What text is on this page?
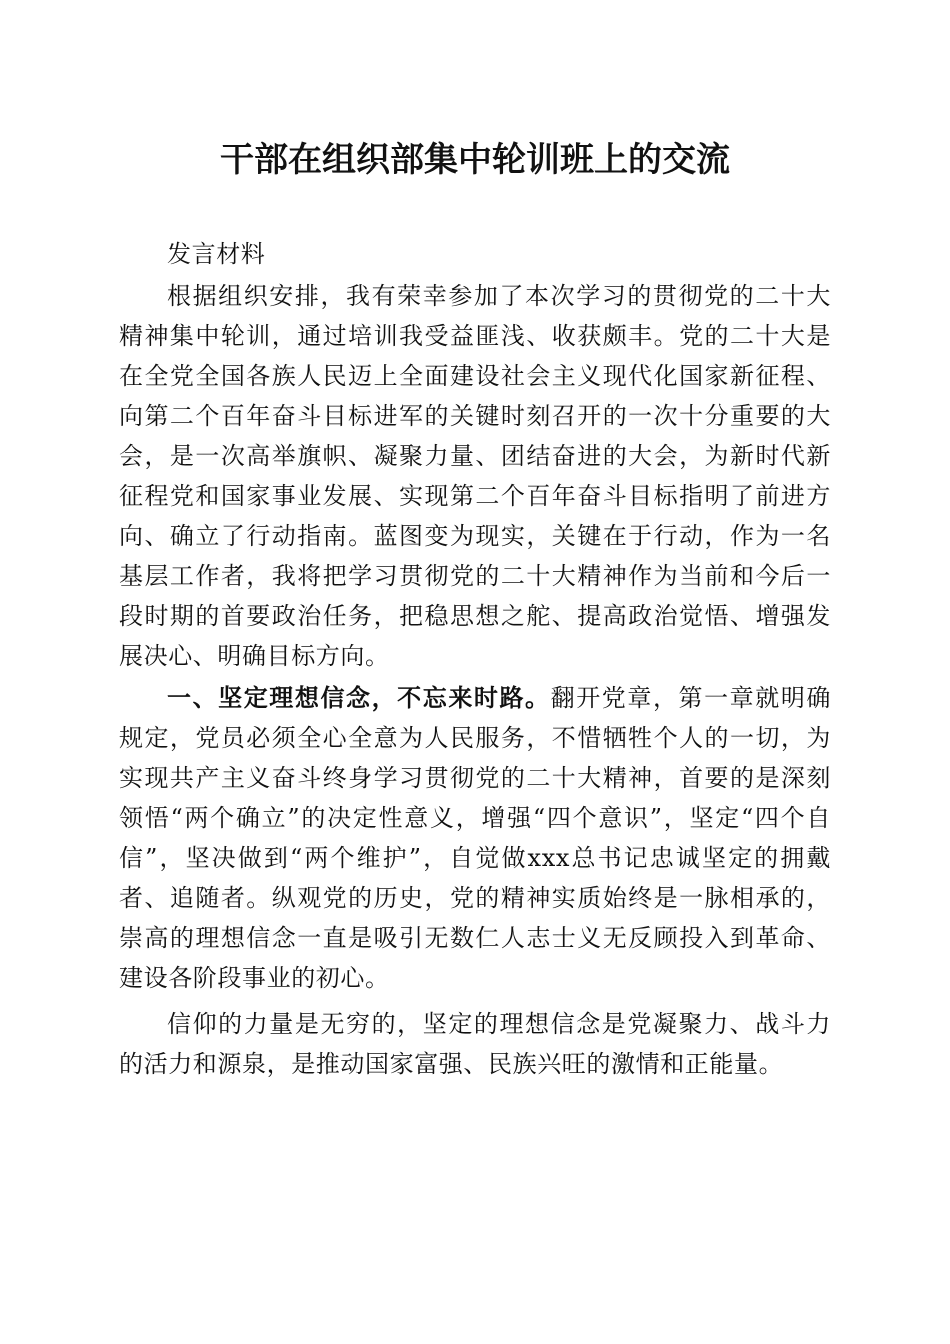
干部在组织部集中轮训班上的交流

发言材料

根据组织安排，我有荣幸参加了本次学习的贯彻党的二十大精神集中轮训，通过培训我受益匪浅、收获颇丰。党的二十大是在全党全国各族人民迈上全面建设社会主义现代化国家新征程、向第二个百年奋斗目标进军的关键时刻召开的一次十分重要的大会，是一次高举旗帜、凝聚力量、团结奋进的大会，为新时代新征程党和国家事业发展、实现第二个百年奋斗目标指明了前进方向、确立了行动指南。蓝图变为现实，关键在于行动，作为一名基层工作者，我将把学习贯彻党的二十大精神作为当前和今后一段时期的首要政治任务，把稳思想之舵、提高政治觉悟、增强发展决心、明确目标方向。

一、坚定理想信念，不忘来时路。翻开党章，第一章就明确规定，党员必须全心全意为人民服务，不惜牺牲个人的一切，为实现共产主义奋斗终身学习贯彻党的二十大精神，首要的是深刻领悟“两个确立”的决定性意义，增强“四个意识”，坚定“四个自信”，坚决做到“两个维护”，自觉做xxx总书记忠诚坚定的拥戴者、追随者。纵观党的历史，党的精神实质始终是一脉相承的，崇高的理想信念一直是吸引无数仁人志士义无反顾投入到革命、建设各阶段事业的初心。

信仰的力量是无穷的，坚定的理想信念是党凝聚力、战斗力的活力和源泉，是推动国家富强、民族兴旺的激情和正能量。
